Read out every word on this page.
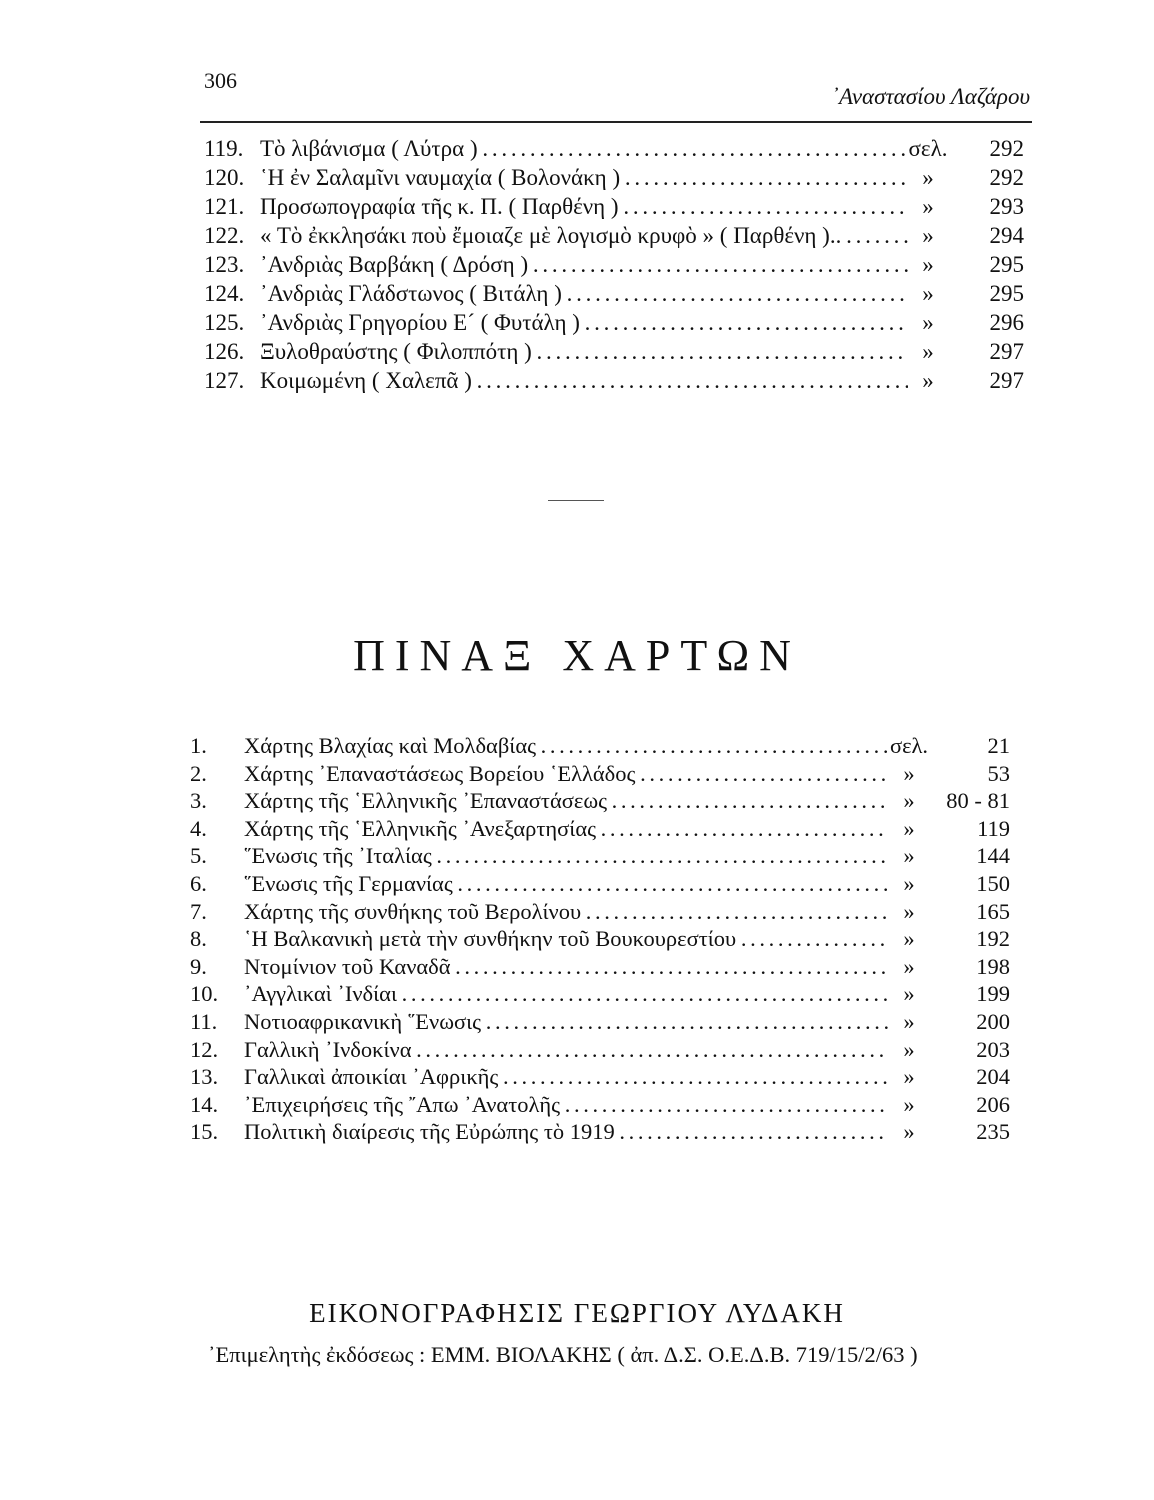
306
᾿Αναστασίου Λαζάρου
119. Τὸ λιβάνισμα ( Λύτρα ) . . .	σελ.	292
120. ῾Η ἐν Σαλαμῖνι ναυμαχία ( Βολονάκη ) . . .	»	292
121. Προσωπογραφία τῆς κ. Π. ( Παρθένη ) . . .	»	293
122. « Τὸ ἐκκλησάκι ποὺ ἔμοιαζε μὲ λογισμὸ κρυφὸ » ( Παρθένη ).. . . .	»	294
123. ᾿Ανδριὰς Βαρβάκη ( Δρόση ) . . .	»	295
124. ᾿Ανδριὰς Γλάδστωνος ( Βιτάλη ) . . .	»	295
125. ᾿Ανδριὰς Γρηγορίου Ε´ ( Φυτάλη ) . . .	»	296
126. Ξυλοθραύστης ( Φιλοππότη ) . . .	»	297
127. Κοιμωμένη ( Χαλεπᾶ ) . . .	»	297
ΠΙΝΑΞ ΧΑΡΤΩΝ
1.	Χάρτης Βλαχίας καὶ Μολδαβίας . . .	σελ.	21
2.	Χάρτης ᾿Επαναστάσεως Βορείου ῾Ελλάδος . . .	»	53
3.	Χάρτης τῆς ῾Ελληνικῆς ᾿Επαναστάσεως . . .	»	80 - 81
4.	Χάρτης τῆς ῾Ελληνικῆς ᾿Ανεξαρτησίας . . .	»	119
5.	῞Ενωσις τῆς ᾿Ιταλίας . . .	»	144
6.	῞Ενωσις τῆς Γερμανίας . . .	»	150
7.	Χάρτης τῆς συνθήκης τοῦ Βερολίνου . . .	»	165
8.	῾Η Βαλκανικὴ μετὰ τὴν συνθήκην τοῦ Βουκουρεστίου . . .	»	192
9.	Ντομίνιον τοῦ Καναδᾶ . . .	»	198
10.	᾿Αγγλικαὶ ᾿Ινδίαι . . .	»	199
11.	Νοτιοαφρικανικὴ ῞Ενωσις . . .	»	200
12.	Γαλλικὴ ᾿Ινδοκίνα . . .	»	203
13.	Γαλλικαὶ ἀποικίαι ᾿Αφρικῆς . . .	»	204
14.	᾿Επιχειρήσεις τῆς ῎Απω ᾿Ανατολῆς . . .	»	206
15.	Πολιτικὴ διαίρεσις τῆς Εὐρώπης τὸ 1919 . . .	»	235
ΕΙΚΟΝΟΓΡΑΦΗΣΙΣ ΓΕΩΡΓΙΟΥ ΛΥΔΑΚΗ
᾿Επιμελητὴς ἐκδόσεως : ΕΜΜ. ΒΙΟΛΑΚΗΣ ( ἀπ. Δ.Σ. Ο.Ε.Δ.Β. 719/15/2/63 )
